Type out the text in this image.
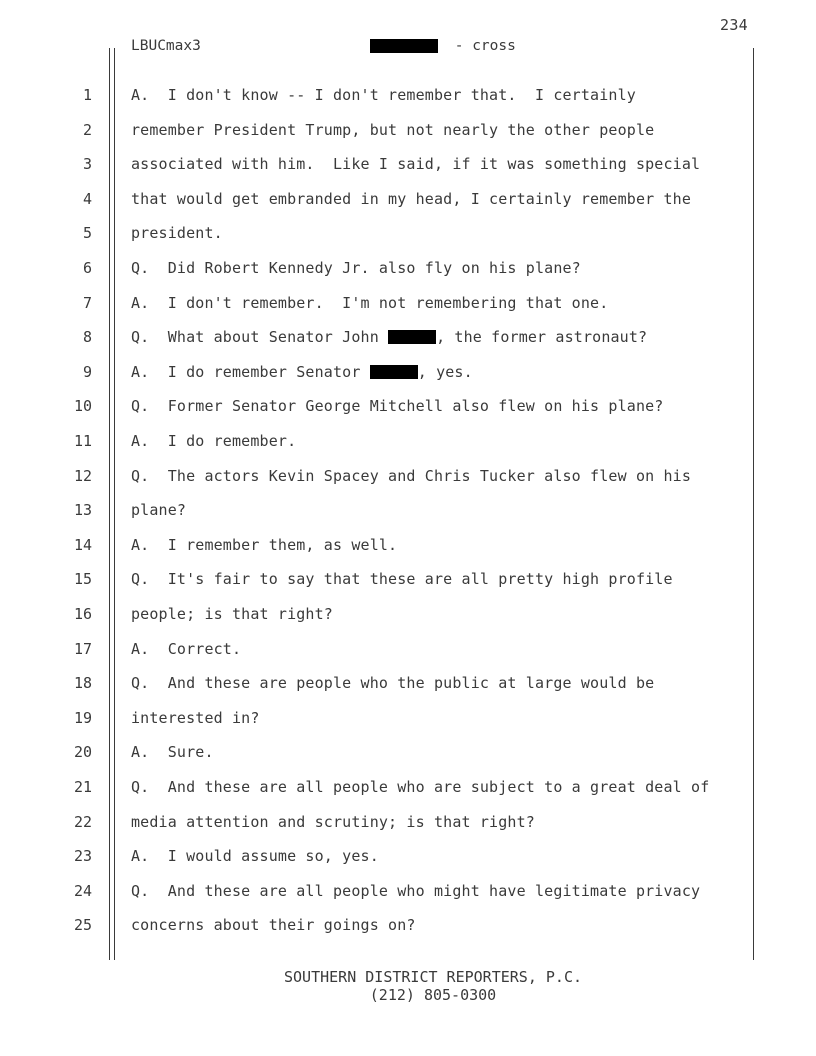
234
LBUCmax3	- cross
1	A.  I don't know -- I don't remember that.  I certainly
2	remember President Trump, but not nearly the other people
3	associated with him.  Like I said, if it was something special
4	that would get embranded in my head, I certainly remember the
5	president.
6	Q.  Did Robert Kennedy Jr. also fly on his plane?
7	A.  I don't remember.  I'm not remembering that one.
8	Q.  What about Senator John	, the former astronaut?
9	A.  I do remember Senator	, yes.
10	Q.  Former Senator George Mitchell also flew on his plane?
11	A.  I do remember.
12	Q.  The actors Kevin Spacey and Chris Tucker also flew on his
13	plane?
14	A.  I remember them, as well.
15	Q.  It's fair to say that these are all pretty high profile
16	people; is that right?
17	A.  Correct.
18	Q.  And these are people who the public at large would be
19	interested in?
20	A.  Sure.
21	Q.  And these are all people who are subject to a great deal of
22	media attention and scrutiny; is that right?
23	A.  I would assume so, yes.
24	Q.  And these are all people who might have legitimate privacy
25	concerns about their goings on?
SOUTHERN DISTRICT REPORTERS, P.C.
(212) 805-0300
